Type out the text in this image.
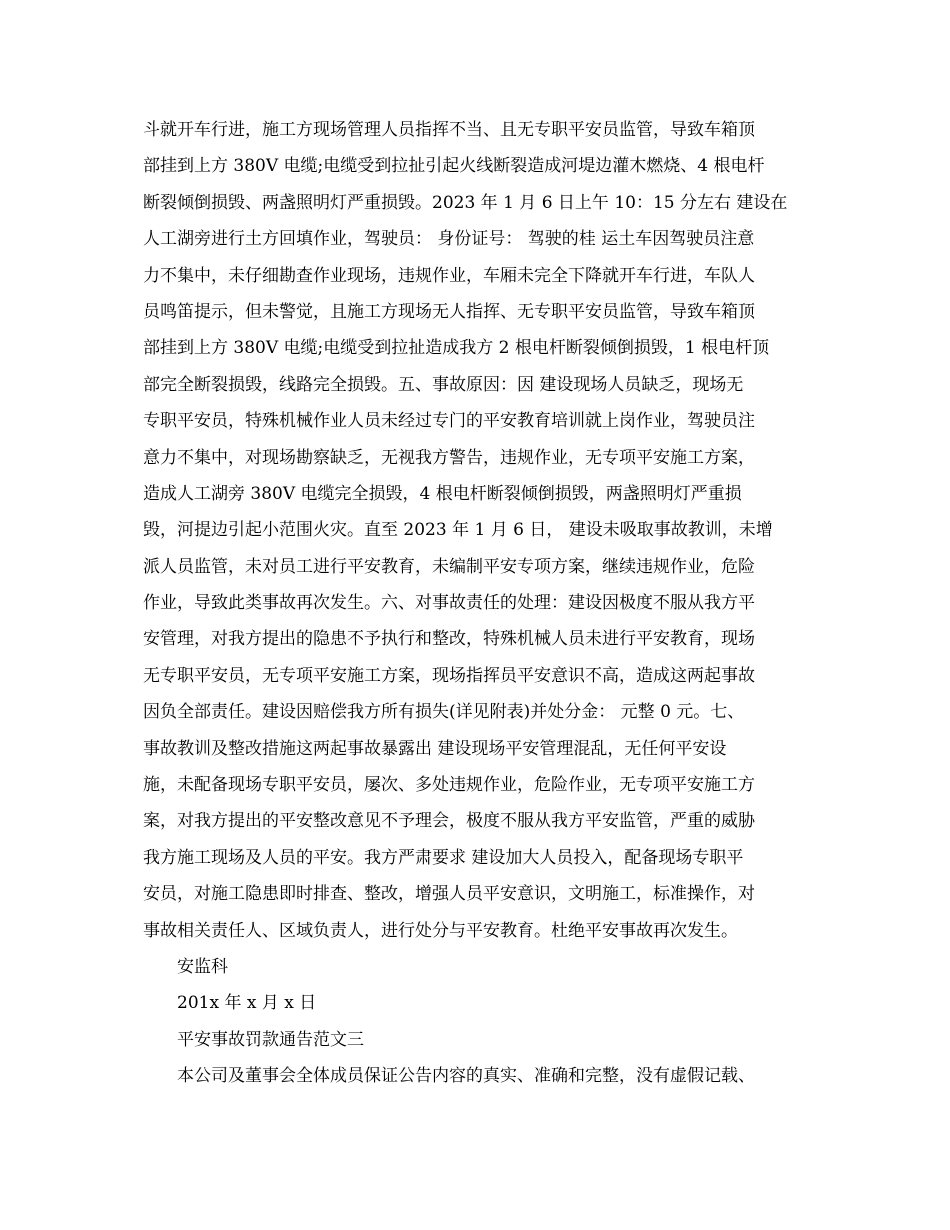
斗就开车行进，施工方现场管理人员指挥不当、且无专职平安员监管，导致车箱顶
部挂到上方 380V 电缆;电缆受到拉扯引起火线断裂造成河堤边灌木燃烧、4 根电杆
断裂倾倒损毁、两盏照明灯严重损毁。2023 年 1 月 6 日上午 10：15 分左右 建设在
人工湖旁进行土方回填作业，驾驶员： 身份证号： 驾驶的桂 运土车因驾驶员注意
力不集中，未仔细勘查作业现场，违规作业，车厢未完全下降就开车行进，车队人
员鸣笛提示，但未警觉，且施工方现场无人指挥、无专职平安员监管，导致车箱顶
部挂到上方 380V 电缆;电缆受到拉扯造成我方 2 根电杆断裂倾倒损毁，1 根电杆顶
部完全断裂损毁，线路完全损毁。五、事故原因：因 建设现场人员缺乏，现场无
专职平安员，特殊机械作业人员未经过专门的平安教育培训就上岗作业，驾驶员注
意力不集中，对现场勘察缺乏，无视我方警告，违规作业，无专项平安施工方案，
造成人工湖旁 380V 电缆完全损毁，4 根电杆断裂倾倒损毁，两盏照明灯严重损
毁，河提边引起小范围火灾。直至 2023 年 1 月 6 日， 建设未吸取事故教训，未增
派人员监管，未对员工进行平安教育，未编制平安专项方案，继续违规作业，危险
作业，导致此类事故再次发生。六、对事故责任的处理：建设因极度不服从我方平
安管理，对我方提出的隐患不予执行和整改，特殊机械人员未进行平安教育，现场
无专职平安员，无专项平安施工方案，现场指挥员平安意识不高，造成这两起事故
因负全部责任。建设因赔偿我方所有损失(详见附表)并处分金： 元整 0 元。七、
事故教训及整改措施这两起事故暴露出 建设现场平安管理混乱，无任何平安设
施，未配备现场专职平安员，屡次、多处违规作业，危险作业，无专项平安施工方
案，对我方提出的平安整改意见不予理会，极度不服从我方平安监管，严重的威胁
我方施工现场及人员的平安。我方严肃要求 建设加大人员投入，配备现场专职平
安员，对施工隐患即时排查、整改，增强人员平安意识，文明施工，标准操作，对
事故相关责任人、区域负责人，进行处分与平安教育。杜绝平安事故再次发生。
安监科
201x 年 x 月 x 日
平安事故罚款通告范文三
本公司及董事会全体成员保证公告内容的真实、准确和完整，没有虚假记载、
